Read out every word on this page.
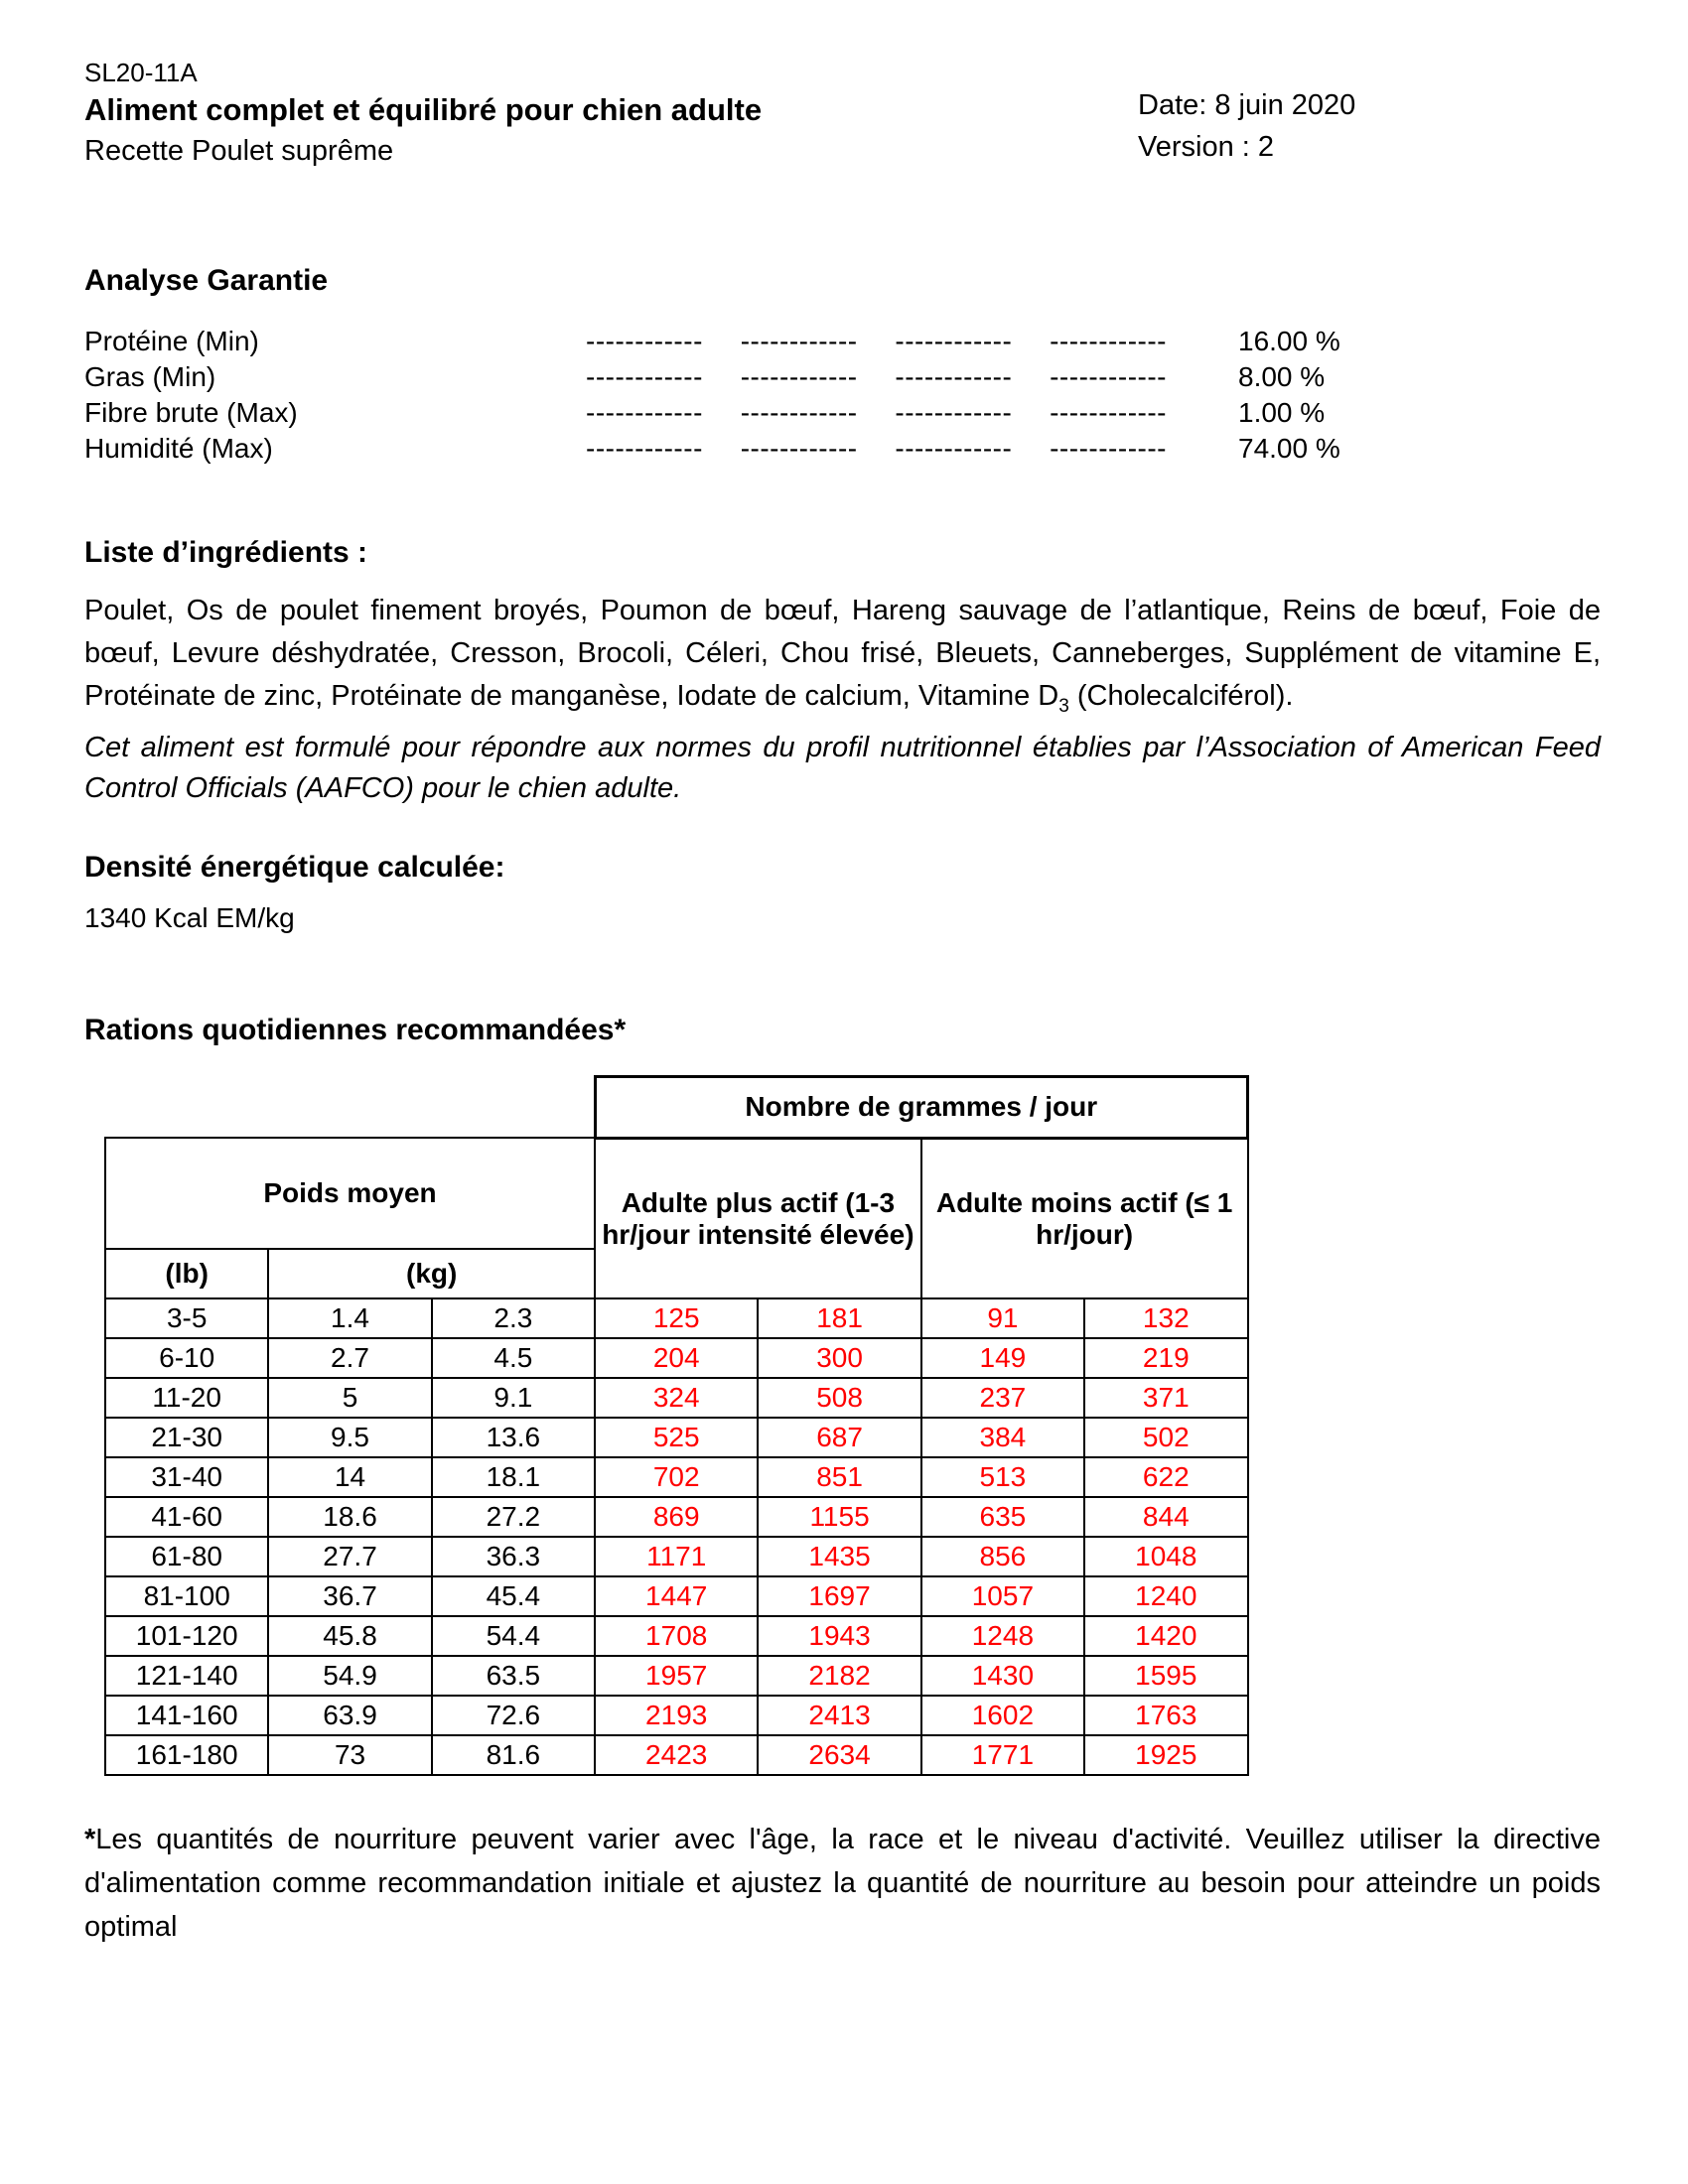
SL20-11A
Aliment complet et équilibré pour chien adulte	Date: 8 juin 2020
Recette Poulet suprême	Version : 2
Analyse Garantie
Protéine (Min)	------------ ------------ ------------ ------------	16.00 %
Gras (Min)	------------ ------------ ------------ ------------	8.00 %
Fibre brute (Max)	------------ ------------ ------------ ------------	1.00 %
Humidité (Max)	------------ ------------ ------------ ------------	74.00 %
Liste d’ingrédients :
Poulet, Os de poulet finement broyés, Poumon de bœuf, Hareng sauvage de l’atlantique, Reins de bœuf, Foie de bœuf, Levure déshydratée, Cresson, Brocoli, Céleri, Chou frisé, Bleuets, Canneberges, Supplément de vitamine E, Protéinate de zinc, Protéinate de manganèse, Iodate de calcium, Vitamine $D_3$ (Cholecalciférol).
Cet aliment est formulé pour répondre aux normes du profil nutritionnel établies par l’Association of American Feed Control Officials (AAFCO) pour le chien adulte.
Densité énergétique calculée:
1340 Kcal EM/kg
Rations quotidiennes recommandées*
			Nombre de grammes / jour			
Poids moyen			Adulte plus actif (1-3 hr/jour intensité élevée)		Adulte moins actif (≤ 1 hr/jour)	
(lb)	(kg)					
3-5	1.4	2.3	125	181	91	132
6-10	2.7	4.5	204	300	149	219
11-20	5	9.1	324	508	237	371
21-30	9.5	13.6	525	687	384	502
31-40	14	18.1	702	851	513	622
41-60	18.6	27.2	869	1155	635	844
61-80	27.7	36.3	1171	1435	856	1048
81-100	36.7	45.4	1447	1697	1057	1240
101-120	45.8	54.4	1708	1943	1248	1420
121-140	54.9	63.5	1957	2182	1430	1595
141-160	63.9	72.6	2193	2413	1602	1763
161-180	73	81.6	2423	2634	1771	1925
*Les quantités de nourriture peuvent varier avec l'âge, la race et le niveau d'activité. Veuillez utiliser la directive d'alimentation comme recommandation initiale et ajustez la quantité de nourriture au besoin pour atteindre un poids optimal
